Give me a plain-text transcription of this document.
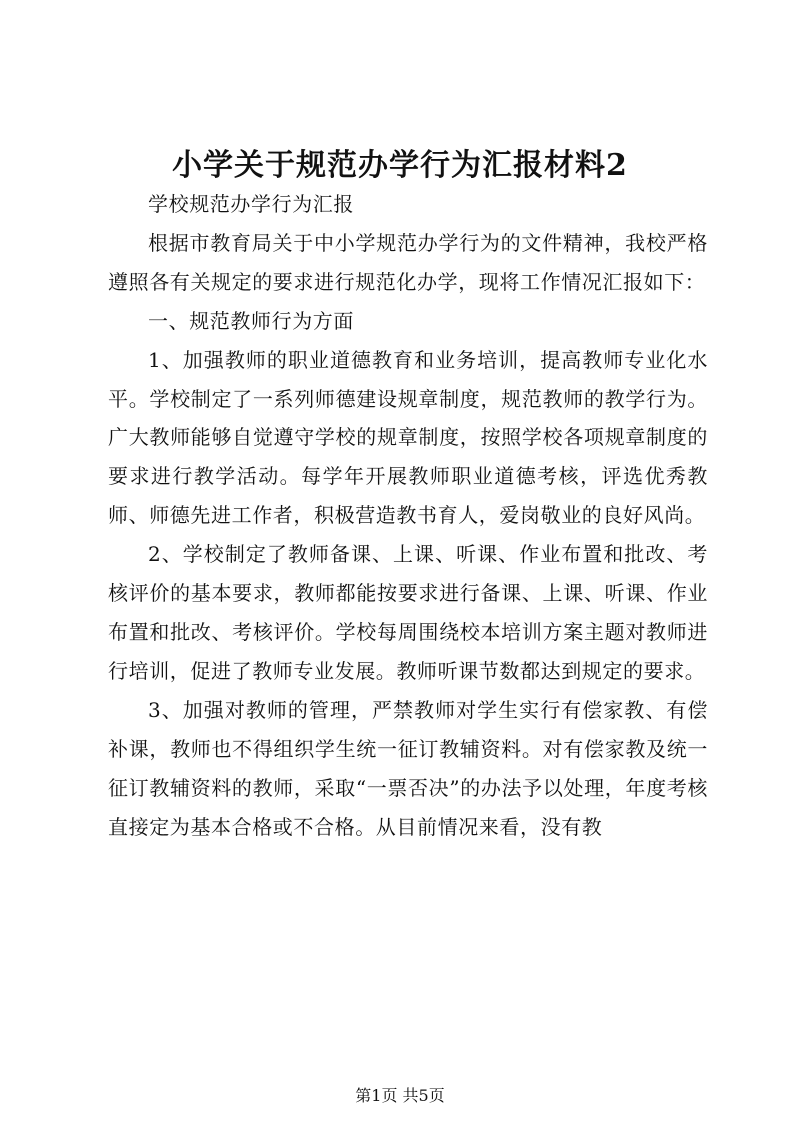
小学关于规范办学行为汇报材料2

学校规范办学行为汇报

根据市教育局关于中小学规范办学行为的文件精神，我校严格遵照各有关规定的要求进行规范化办学，现将工作情况汇报如下：

一、规范教师行为方面

1、加强教师的职业道德教育和业务培训，提高教师专业化水平。学校制定了一系列师德建设规章制度，规范教师的教学行为。广大教师能够自觉遵守学校的规章制度，按照学校各项规章制度的要求进行教学活动。每学年开展教师职业道德考核，评选优秀教师、师德先进工作者，积极营造教书育人，爱岗敬业的良好风尚。

2、学校制定了教师备课、上课、听课、作业布置和批改、考核评价的基本要求，教师都能按要求进行备课、上课、听课、作业布置和批改、考核评价。学校每周围绕校本培训方案主题对教师进行培训，促进了教师专业发展。教师听课节数都达到规定的要求。

3、加强对教师的管理，严禁教师对学生实行有偿家教、有偿补课，教师也不得组织学生统一征订教辅资料。对有偿家教及统一征订教辅资料的教师，采取“一票否决”的办法予以处理，年度考核直接定为基本合格或不合格。从目前情况来看，没有教

第1页 共5页
